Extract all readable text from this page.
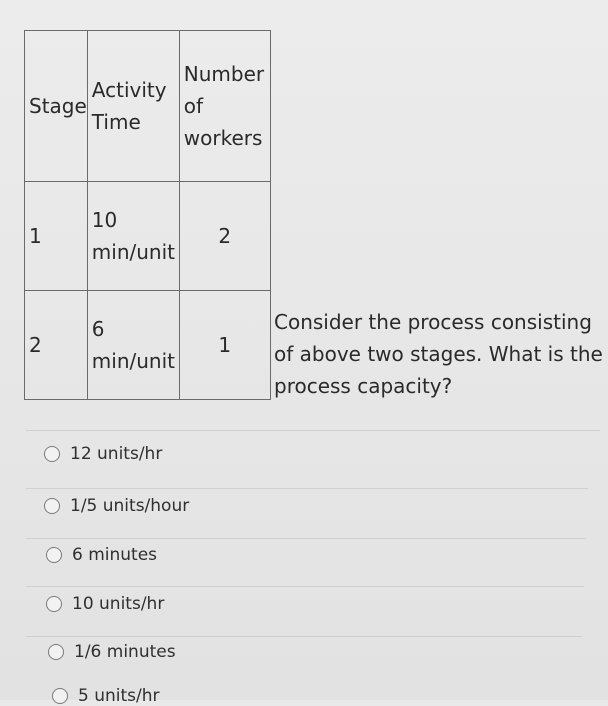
Stage	Activity Time	Number of workers
1	10 min/unit	2
2	6 min/unit	1
Consider the process consisting of above two stages. What is the process capacity?
12 units/hr
1/5 units/hour
6 minutes
10 units/hr
1/6 minutes
5 units/hr
